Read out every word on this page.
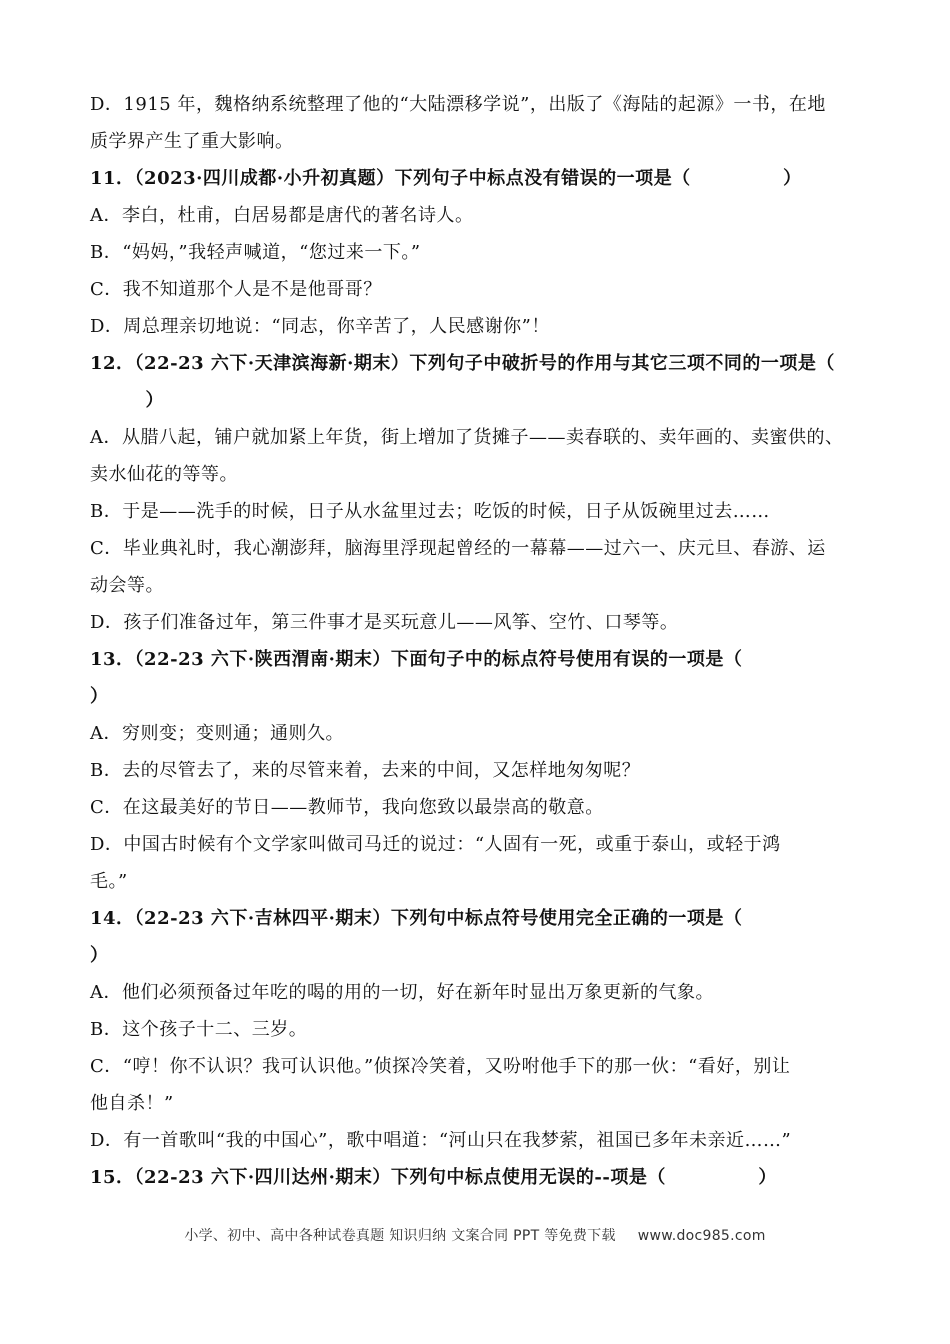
D．1915 年，魏格纳系统整理了他的“大陆漂移学说”，出版了《海陆的起源》一书，在地
质学界产生了重大影响。
11．（2023·四川成都·小升初真题）下列句子中标点没有错误的一项是（　　　　　）
A．李白，杜甫，白居易都是唐代的著名诗人。
B．“妈妈，”我轻声喊道，“您过来一下。”
C．我不知道那个人是不是他哥哥？
D．周总理亲切地说：“同志，你辛苦了，人民感谢你”！
12．（22-23 六下·天津滨海新·期末）下列句子中破折号的作用与其它三项不同的一项是（
　　　）
A．从腊八起，铺户就加紧上年货，街上增加了货摊子——卖春联的、卖年画的、卖蜜供的、
卖水仙花的等等。
B．于是——洗手的时候，日子从水盆里过去；吃饭的时候，日子从饭碗里过去……
C．毕业典礼时，我心潮澎拜，脑海里浮现起曾经的一幕幕——过六一、庆元旦、春游、运
动会等。
D．孩子们准备过年，第三件事才是买玩意儿——风筝、空竹、口琴等。
13．（22-23 六下·陕西渭南·期末）下面句子中的标点符号使用有误的一项是（
）
A．穷则变；变则通；通则久。
B．去的尽管去了，来的尽管来着，去来的中间，又怎样地匆匆呢？
C．在这最美好的节日——教师节，我向您致以最崇高的敬意。
D．中国古时候有个文学家叫做司马迁的说过：“人固有一死，或重于泰山，或轻于鸿
毛。”
14．（22-23 六下·吉林四平·期末）下列句中标点符号使用完全正确的一项是（
）
A．他们必须预备过年吃的喝的用的一切，好在新年时显出万象更新的气象。
B．这个孩子十二、三岁。
C．“哼！你不认识？我可认识他。”侦探冷笑着，又吩咐他手下的那一伙：“看好，别让
他自杀！”
D．有一首歌叫“我的中国心”，歌中唱道：“河山只在我梦萦，祖国已多年未亲近……”
15．（22-23 六下·四川达州·期末）下列句中标点使用无误的--项是（　　　　　）
小学、初中、高中各种试卷真题 知识归纳 文案合同 PPT 等免费下载 www.doc985.com
